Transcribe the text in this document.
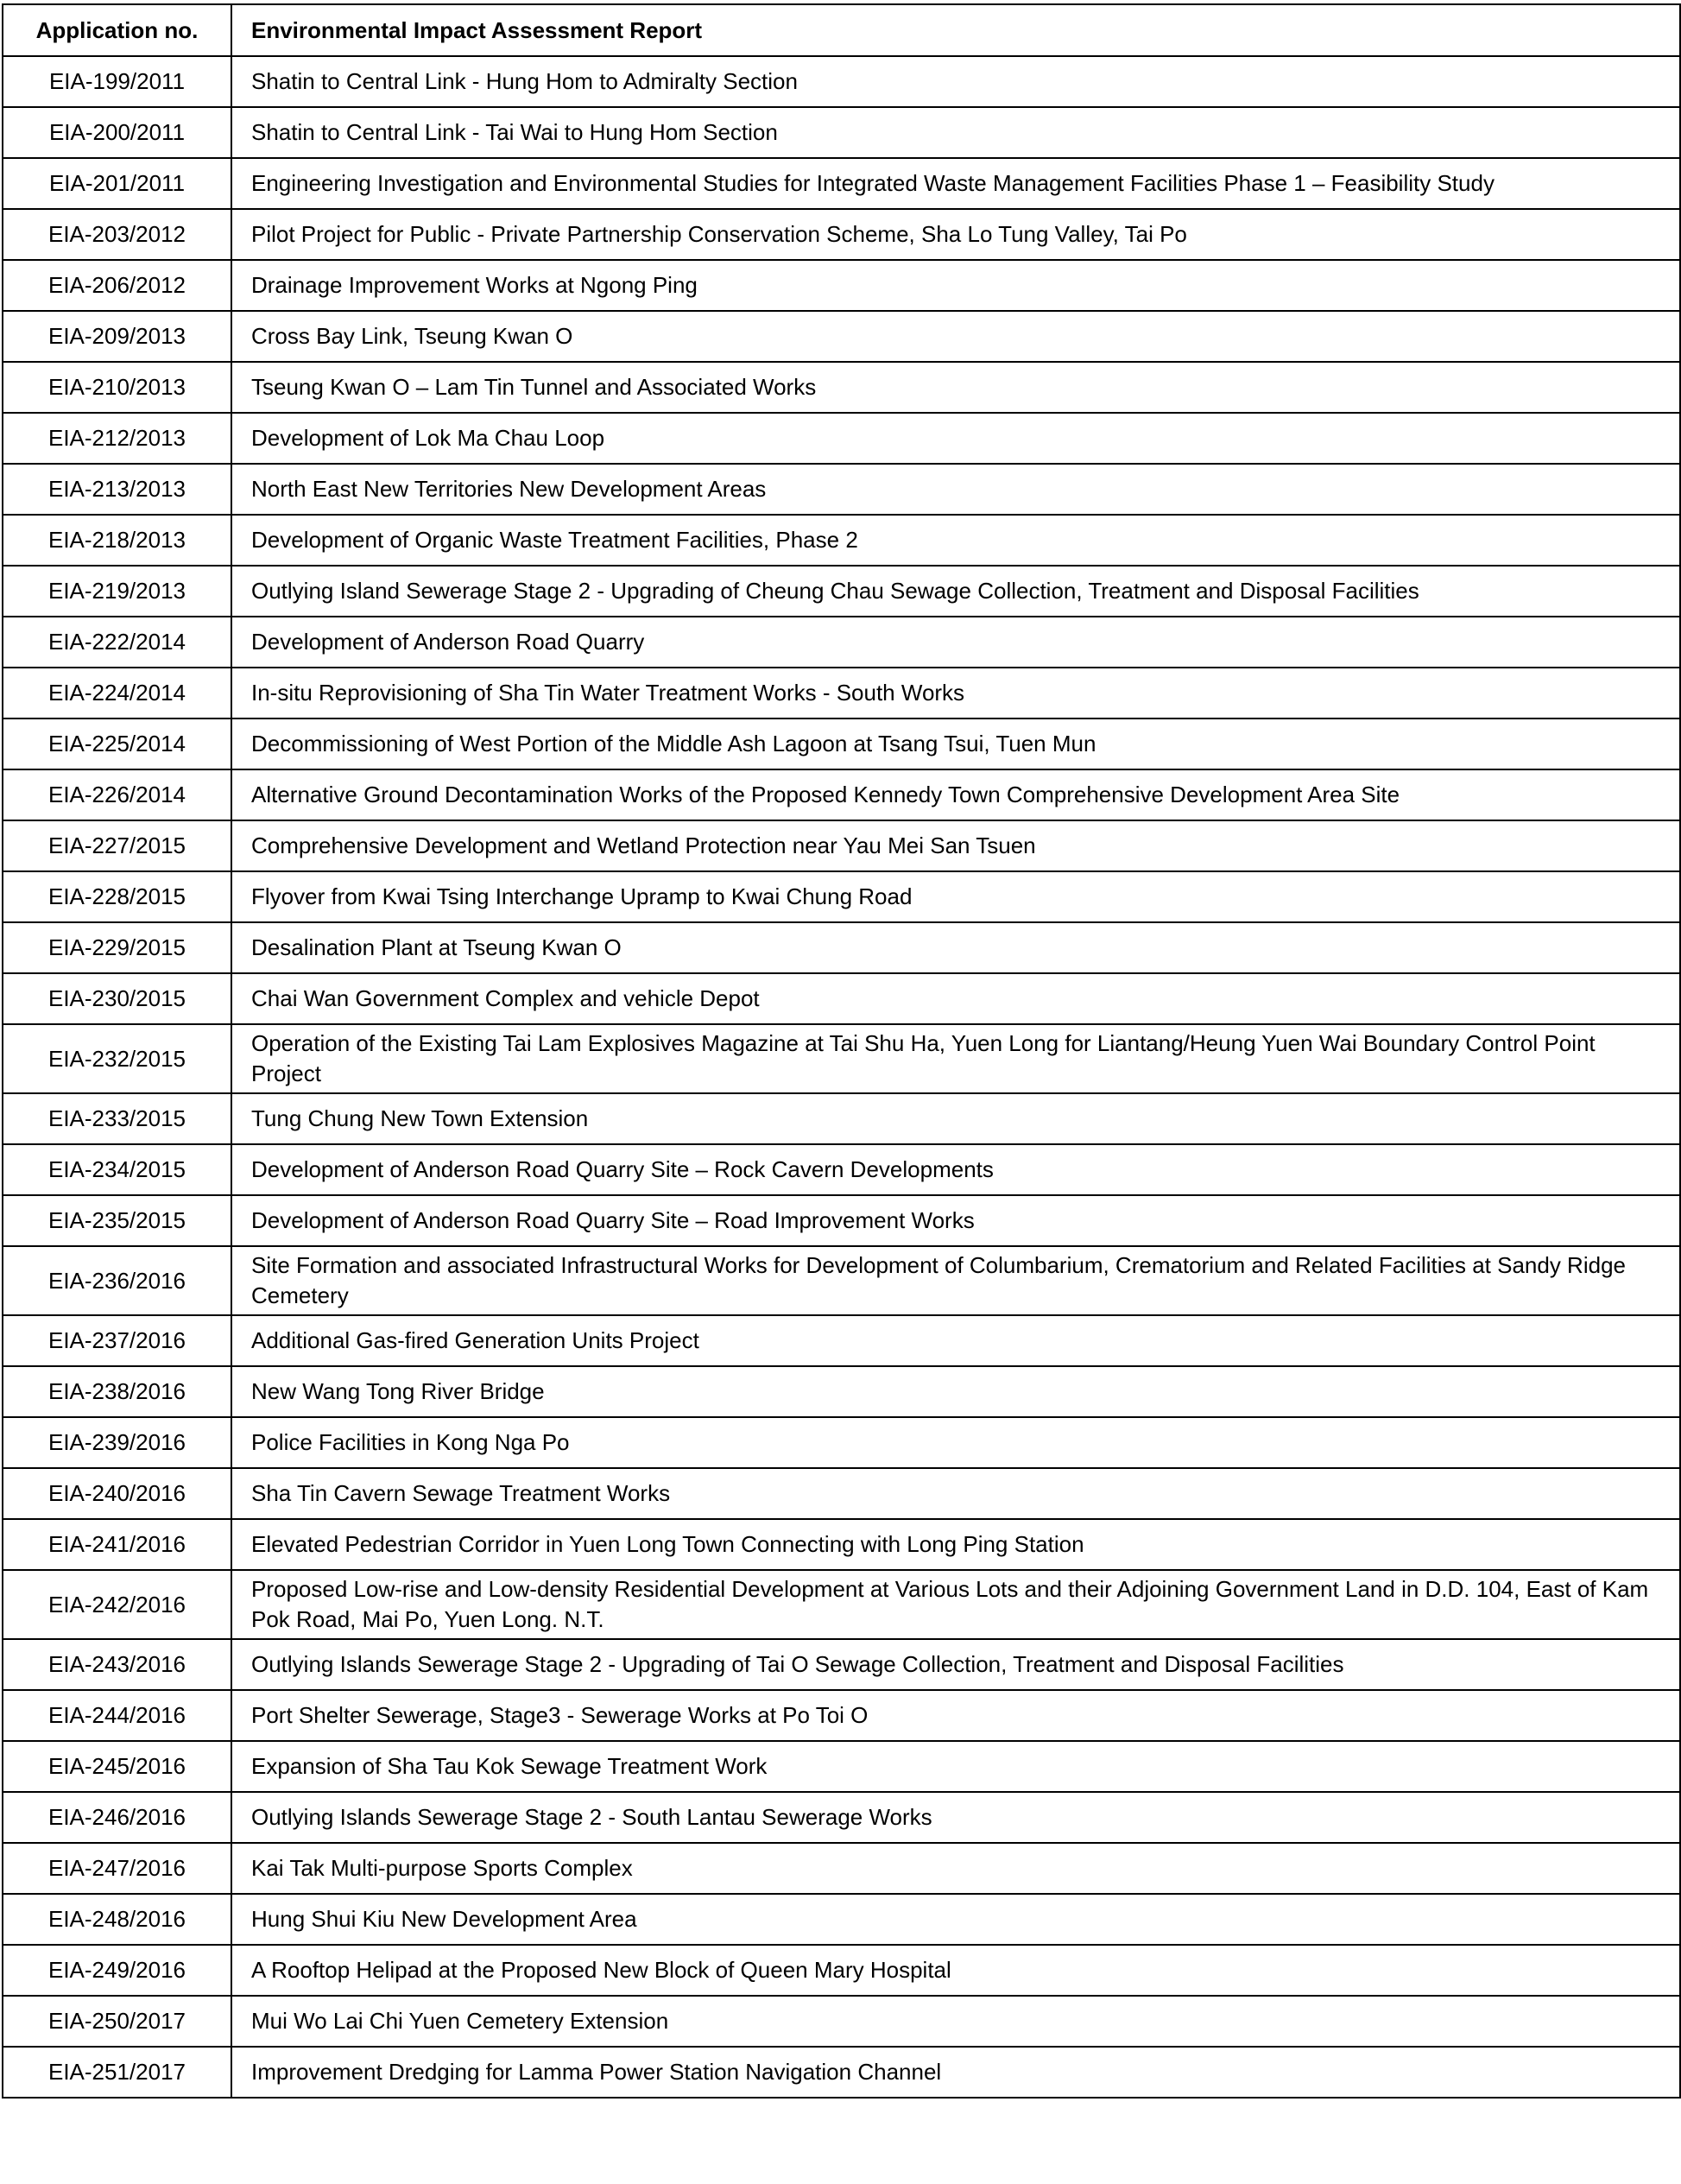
Application no.	Environmental Impact Assessment Report
EIA-199/2011	Shatin to Central Link - Hung Hom to Admiralty Section
EIA-200/2011	Shatin to Central Link - Tai Wai to Hung Hom Section
EIA-201/2011	Engineering Investigation and Environmental Studies for Integrated Waste Management Facilities Phase 1 – Feasibility Study
EIA-203/2012	Pilot Project for Public - Private Partnership Conservation Scheme, Sha Lo Tung Valley, Tai Po
EIA-206/2012	Drainage Improvement Works at Ngong Ping
EIA-209/2013	Cross Bay Link, Tseung Kwan O
EIA-210/2013	Tseung Kwan O – Lam Tin Tunnel and Associated Works
EIA-212/2013	Development of Lok Ma Chau Loop
EIA-213/2013	North East New Territories New Development Areas
EIA-218/2013	Development of Organic Waste Treatment Facilities, Phase 2
EIA-219/2013	Outlying Island Sewerage Stage 2 - Upgrading of Cheung Chau Sewage Collection, Treatment and Disposal Facilities
EIA-222/2014	Development of Anderson Road Quarry
EIA-224/2014	In-situ Reprovisioning of Sha Tin Water Treatment Works - South Works
EIA-225/2014	Decommissioning of West Portion of the Middle Ash Lagoon at Tsang Tsui, Tuen Mun
EIA-226/2014	Alternative Ground Decontamination Works of the Proposed Kennedy Town Comprehensive Development Area Site
EIA-227/2015	Comprehensive Development and Wetland Protection near Yau Mei San Tsuen
EIA-228/2015	Flyover from Kwai Tsing Interchange Upramp to Kwai Chung Road
EIA-229/2015	Desalination Plant at Tseung Kwan O
EIA-230/2015	Chai Wan Government Complex and vehicle Depot
EIA-232/2015	Operation of the Existing Tai Lam Explosives Magazine at Tai Shu Ha, Yuen Long for Liantang/Heung Yuen Wai Boundary Control Point Project
EIA-233/2015	Tung Chung New Town Extension
EIA-234/2015	Development of Anderson Road Quarry Site – Rock Cavern Developments
EIA-235/2015	Development of Anderson Road Quarry Site – Road Improvement Works
EIA-236/2016	Site Formation and associated Infrastructural Works for Development of Columbarium, Crematorium and Related Facilities at Sandy Ridge Cemetery
EIA-237/2016	Additional Gas-fired Generation Units Project
EIA-238/2016	New Wang Tong River Bridge
EIA-239/2016	Police Facilities in Kong Nga Po
EIA-240/2016	Sha Tin Cavern Sewage Treatment Works
EIA-241/2016	Elevated Pedestrian Corridor in Yuen Long Town Connecting with Long Ping Station
EIA-242/2016	Proposed Low-rise and Low-density Residential Development at Various Lots and their Adjoining Government Land in D.D. 104, East of Kam Pok Road, Mai Po, Yuen Long. N.T.
EIA-243/2016	Outlying Islands Sewerage Stage 2 - Upgrading of Tai O Sewage Collection, Treatment and Disposal Facilities
EIA-244/2016	Port Shelter Sewerage, Stage3 - Sewerage Works at Po Toi O
EIA-245/2016	Expansion of Sha Tau Kok Sewage Treatment Work
EIA-246/2016	Outlying Islands Sewerage Stage 2 - South Lantau Sewerage Works
EIA-247/2016	Kai Tak Multi-purpose Sports Complex
EIA-248/2016	Hung Shui Kiu New Development Area
EIA-249/2016	A Rooftop Helipad at the Proposed New Block of Queen Mary Hospital
EIA-250/2017	Mui Wo Lai Chi Yuen Cemetery Extension
EIA-251/2017	Improvement Dredging for Lamma Power Station Navigation Channel
